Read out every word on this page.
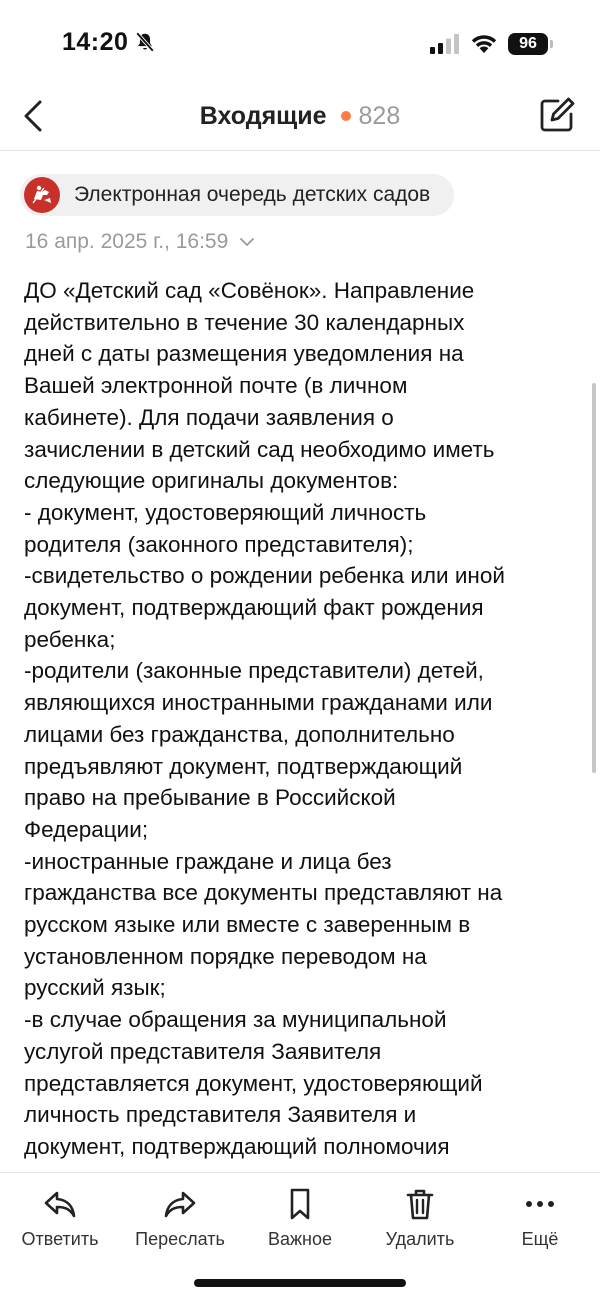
14:20	96
Входящие 828
Электронная очередь детских садов
16 апр. 2025 г., 16:59
ДО «Детский сад «Совёнок». Направление
действительно в течение 30 календарных
дней с даты размещения уведомления на
Вашей электронной почте (в личном
кабинете). Для подачи заявления о
зачислении в детский сад необходимо иметь
следующие оригиналы документов:
- документ, удостоверяющий личность
родителя (законного представителя);
-свидетельство о рождении ребенка или иной
документ, подтверждающий факт рождения
ребенка;
-родители (законные представители) детей,
являющихся иностранными гражданами или
лицами без гражданства, дополнительно
предъявляют документ, подтверждающий
право на пребывание в Российской
Федерации;
-иностранные граждане и лица без
гражданства все документы представляют на
русском языке или вместе с заверенным в
установленном порядке переводом на
русский язык;
-в случае обращения за муниципальной
услугой представителя Заявителя
представляется документ, удостоверяющий
личность представителя Заявителя и
документ, подтверждающий полномочия
Ответить	Переслать	Важное	Удалить	Ещё
